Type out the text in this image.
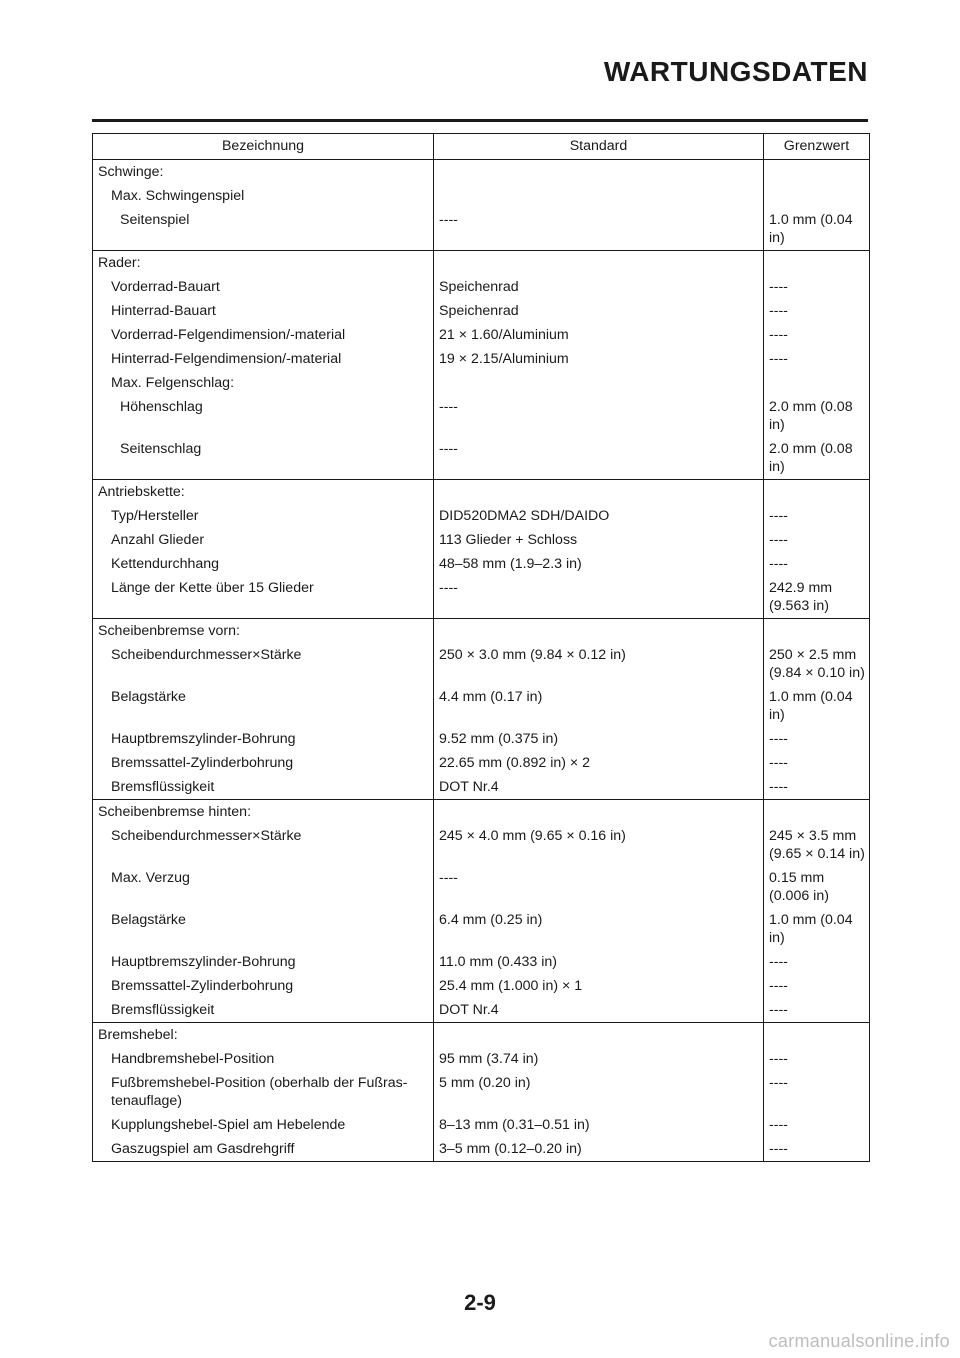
WARTUNGSDATEN
Bezeichnung	Standard	Grenzwert
Schwinge:		
Max. Schwingenspiel		
Seitenspiel	----	1.0 mm (0.04
in)
Rader:		
Vorderrad-Bauart	Speichenrad	----
Hinterrad-Bauart	Speichenrad	----
Vorderrad-Felgendimension/-material	21 × 1.60/Aluminium	----
Hinterrad-Felgendimension/-material	19 × 2.15/Aluminium	----
Max. Felgenschlag:		
Höhenschlag	----	2.0 mm (0.08
in)
Seitenschlag	----	2.0 mm (0.08
in)
Antriebskette:		
Typ/Hersteller	DID520DMA2 SDH/DAIDO	----
Anzahl Glieder	113 Glieder + Schloss	----
Kettendurchhang	48–58 mm (1.9–2.3 in)	----
Länge der Kette über 15 Glieder	----	242.9 mm
(9.563 in)
Scheibenbremse vorn:		
Scheibendurchmesser×Stärke	250 × 3.0 mm (9.84 × 0.12 in)	250 × 2.5 mm
(9.84 × 0.10 in)
Belagstärke	4.4 mm (0.17 in)	1.0 mm (0.04
in)
Hauptbremszylinder-Bohrung	9.52 mm (0.375 in)	----
Bremssattel-Zylinderbohrung	22.65 mm (0.892 in) × 2	----
Bremsflüssigkeit	DOT Nr.4	----
Scheibenbremse hinten:		
Scheibendurchmesser×Stärke	245 × 4.0 mm (9.65 × 0.16 in)	245 × 3.5 mm
(9.65 × 0.14 in)
Max. Verzug	----	0.15 mm
(0.006 in)
Belagstärke	6.4 mm (0.25 in)	1.0 mm (0.04
in)
Hauptbremszylinder-Bohrung	11.0 mm (0.433 in)	----
Bremssattel-Zylinderbohrung	25.4 mm (1.000 in) × 1	----
Bremsflüssigkeit	DOT Nr.4	----
Bremshebel:		
Handbremshebel-Position	95 mm (3.74 in)	----
Fußbremshebel-Position (oberhalb der Fußras-tenauflage)	5 mm (0.20 in)	----
Kupplungshebel-Spiel am Hebelende	8–13 mm (0.31–0.51 in)	----
Gaszugspiel am Gasdrehgriff	3–5 mm (0.12–0.20 in)	----
2-9
carmanualsonline.info
